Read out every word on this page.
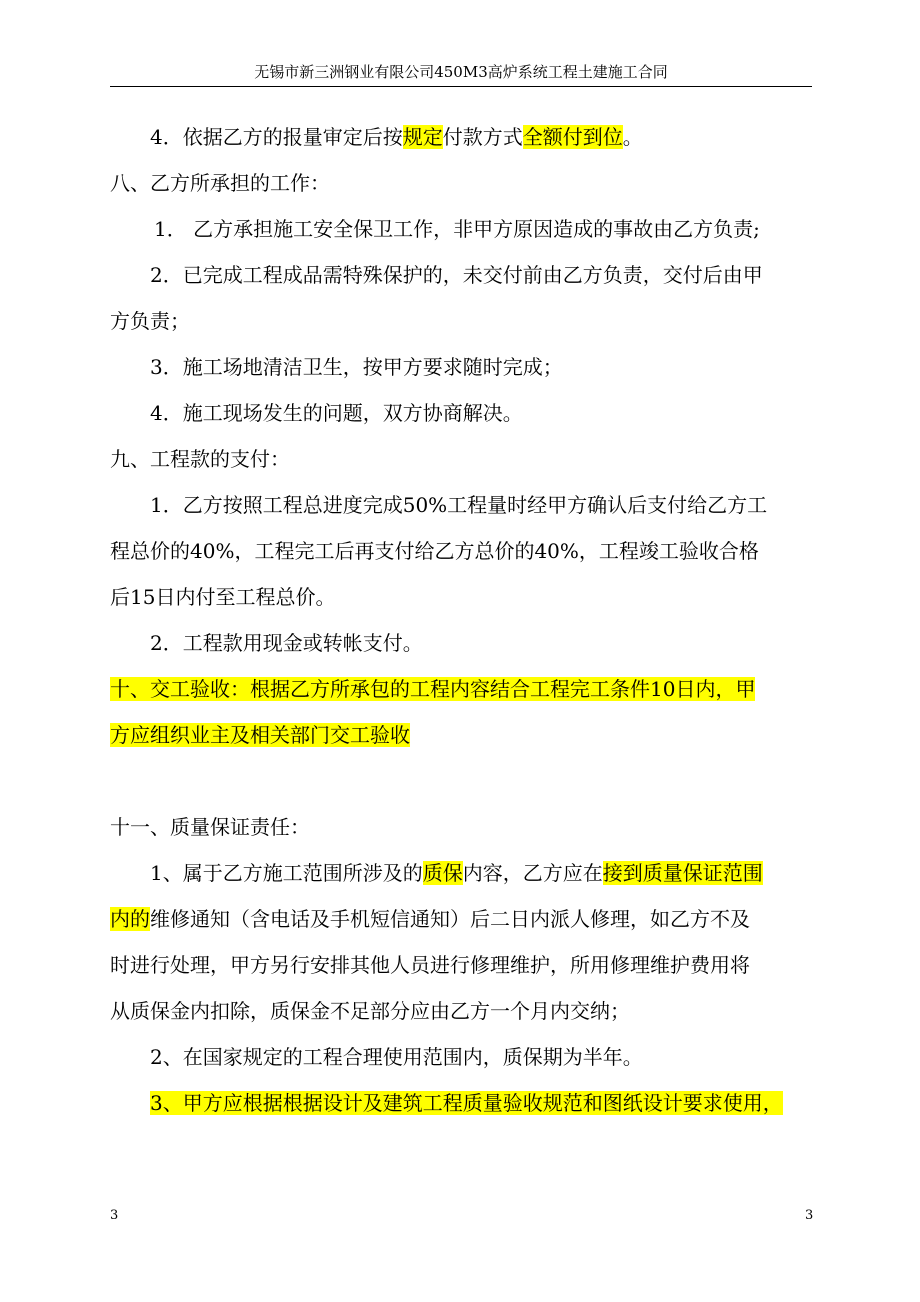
无锡市新三洲钢业有限公司450M3高炉系统工程土建施工合同

4．依据乙方的报量审定后按规定付款方式全额付到位。

八、乙方所承担的工作：

1． 乙方承担施工安全保卫工作，非甲方原因造成的事故由乙方负责;

2．已完成工程成品需特殊保护的，未交付前由乙方负责，交付后由甲

方负责；

3．施工场地清洁卫生，按甲方要求随时完成；

4．施工现场发生的问题，双方协商解决。

九、工程款的支付：

1．乙方按照工程总进度完成50%工程量时经甲方确认后支付给乙方工

程总价的40%，工程完工后再支付给乙方总价的40%，工程竣工验收合格

后15日内付至工程总价。

2．工程款用现金或转帐支付。

十、交工验收：根据乙方所承包的工程内容结合工程完工条件10日内，甲

方应组织业主及相关部门交工验收

十一、质量保证责任：

1、属于乙方施工范围所涉及的质保内容，乙方应在接到质量保证范围

内的维修通知（含电话及手机短信通知）后二日内派人修理，如乙方不及

时进行处理，甲方另行安排其他人员进行修理维护，所用修理维护费用将

从质保金内扣除，质保金不足部分应由乙方一个月内交纳；

2、在国家规定的工程合理使用范围内，质保期为半年。

3、甲方应根据根据设计及建筑工程质量验收规范和图纸设计要求使用，

3	3
